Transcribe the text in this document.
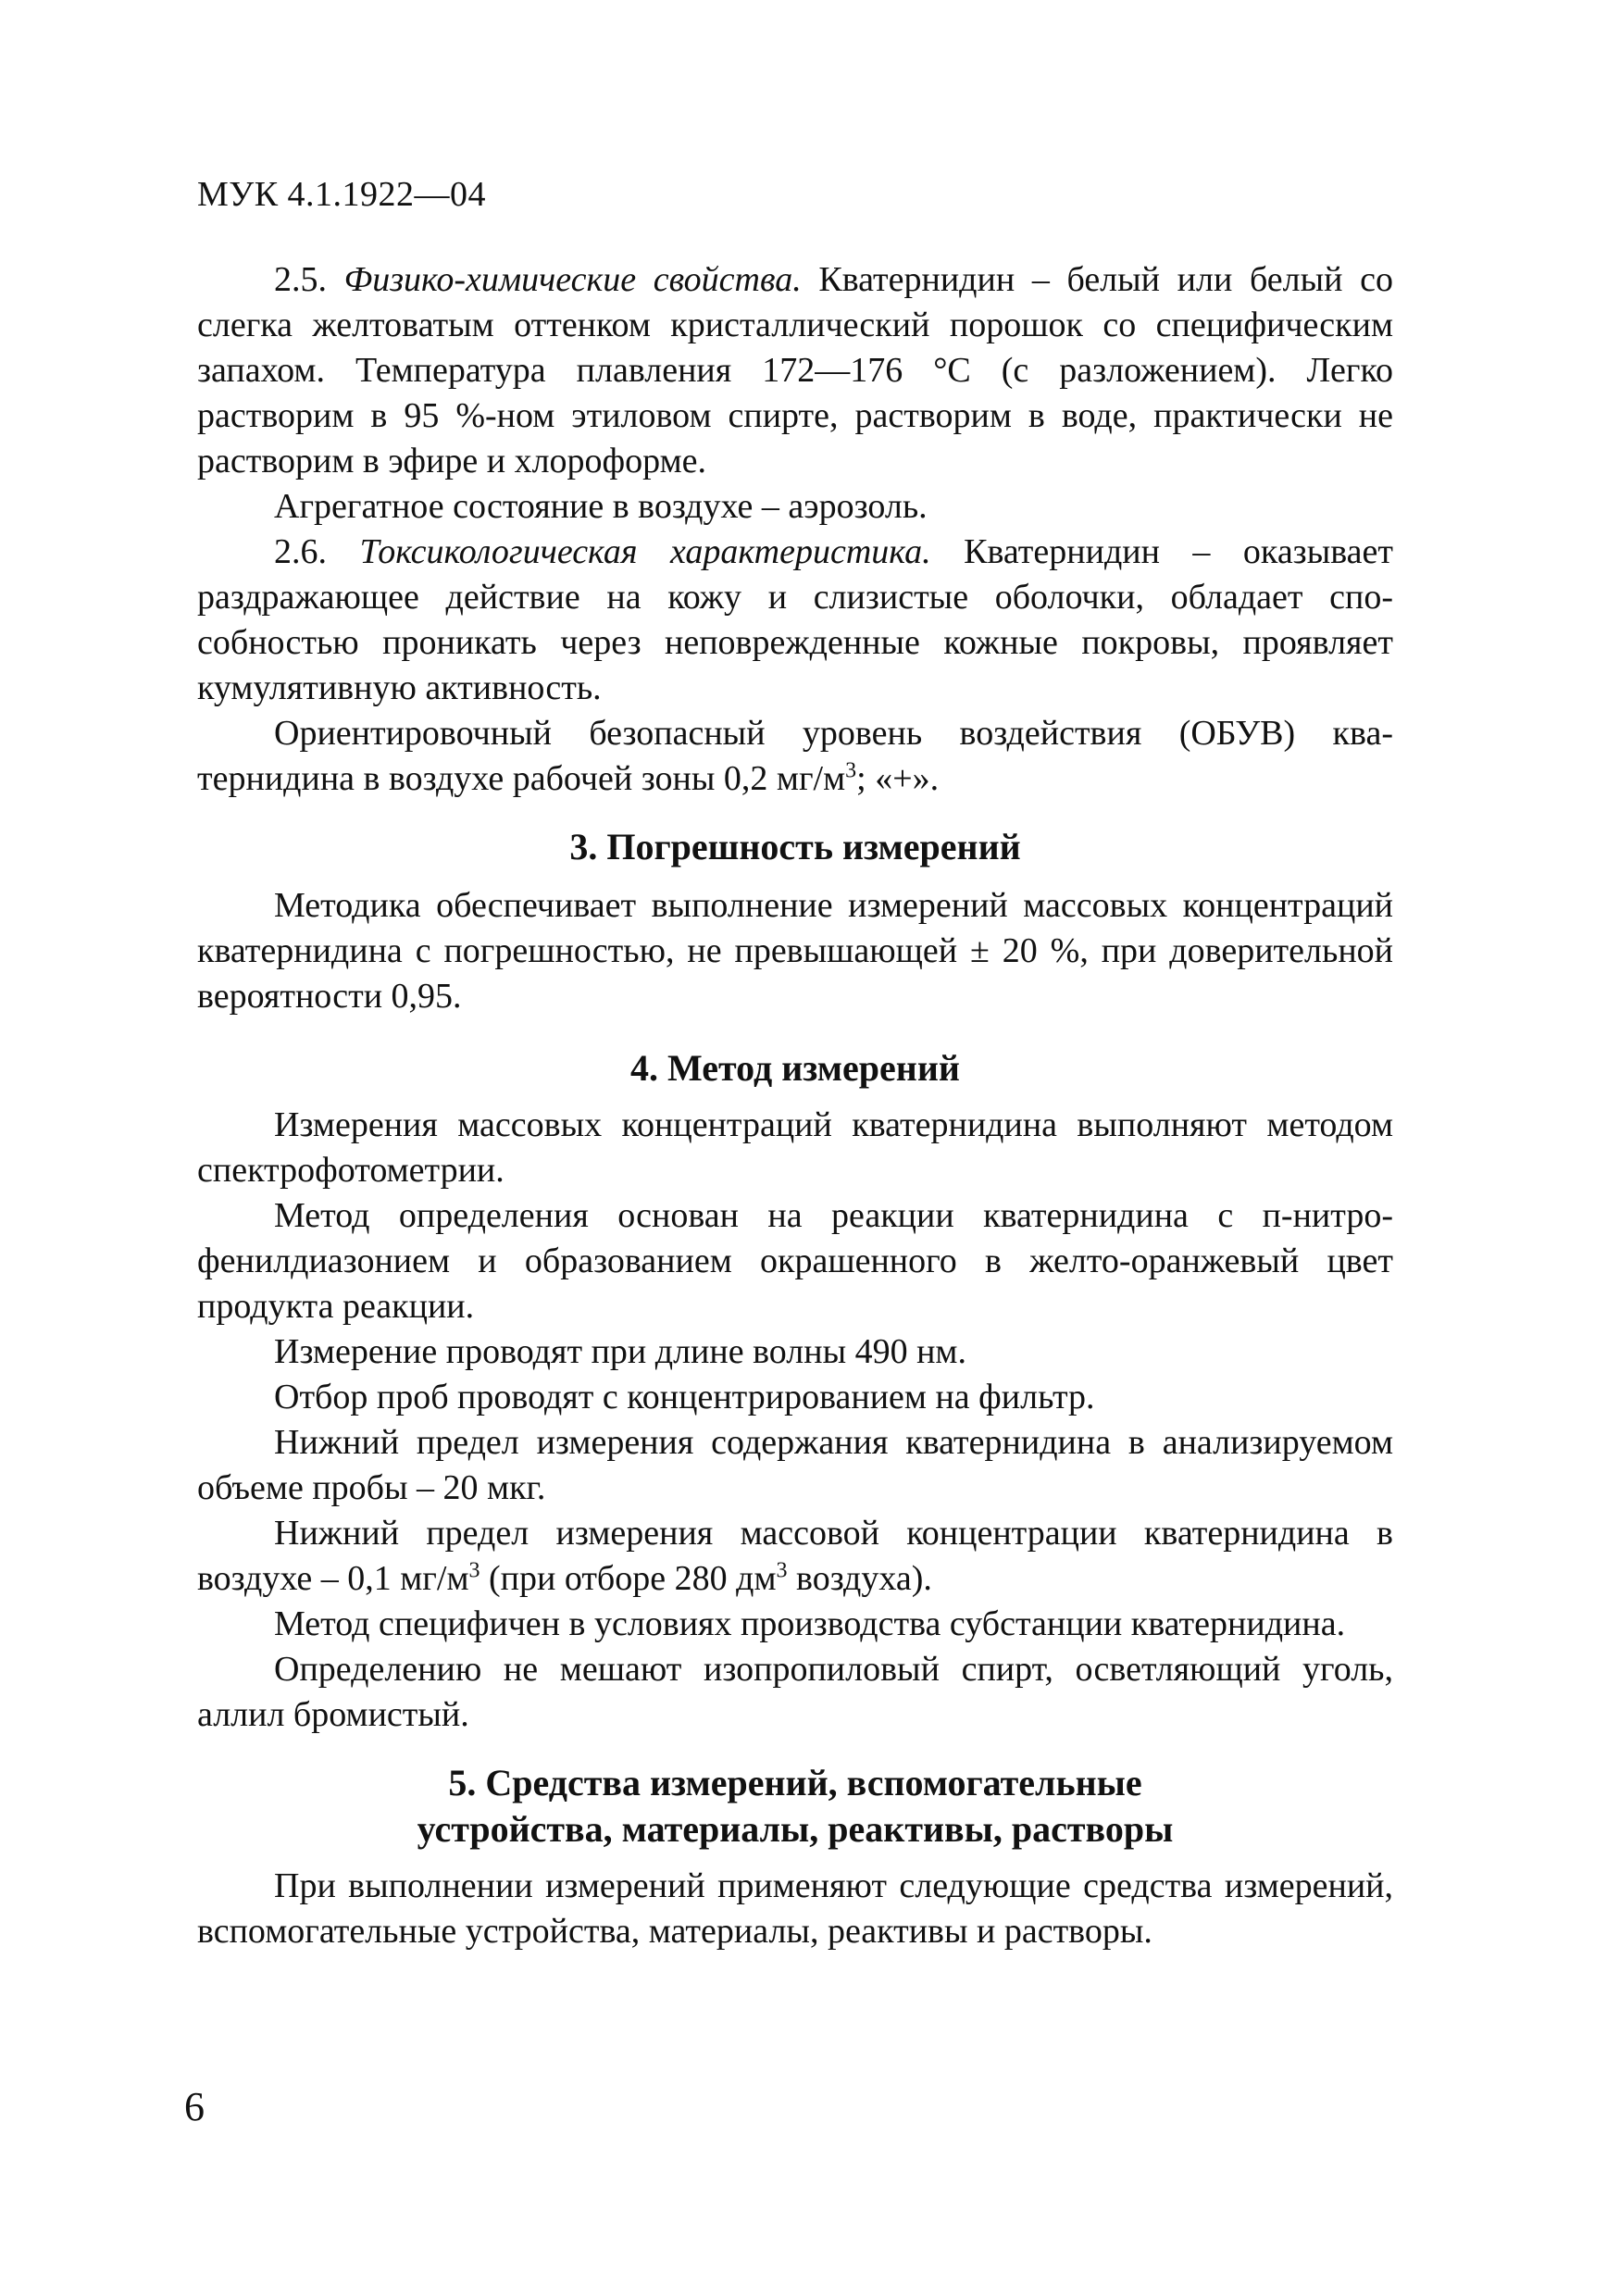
МУК 4.1.1922—04

2.5. Физико-химические свойства. Кватернидин – белый или белый со слегка желтоватым оттенком кристаллический порошок со специфическим запахом. Температура плавления 172—176 °С (с разложением). Легко растворим в 95 %-ном этиловом спирте, растворим в воде, практически не растворим в эфире и хлороформе.

Агрегатное состояние в воздухе – аэрозоль.

2.6. Токсикологическая характеристика. Кватернидин – оказывает раздражающее действие на кожу и слизистые оболочки, обладает способностью проникать через неповрежденные кожные покровы, проявляет кумулятивную активность.

Ориентировочный безопасный уровень воздействия (ОБУВ) кватернидина в воздухе рабочей зоны 0,2 $мг/м^3$; «+».

3. Погрешность измерений

Методика обеспечивает выполнение измерений массовых концентраций кватернидина с погрешностью, не превышающей ± 20 %, при доверительной вероятности 0,95.

4. Метод измерений

Измерения массовых концентраций кватернидина выполняют методом спектрофотометрии.

Метод определения основан на реакции кватернидина с п-нитрофенилдиазонием и образованием окрашенного в желто-оранжевый цвет продукта реакции.

Измерение проводят при длине волны 490 нм.

Отбор проб проводят с концентрированием на фильтр.

Нижний предел измерения содержания кватернидина в анализируемом объеме пробы – 20 мкг.

Нижний предел измерения массовой концентрации кватернидина в воздухе – 0,1 $мг/м^3$ (при отборе 280 $дм^3$ воздуха).

Метод специфичен в условиях производства субстанции кватернидина.

Определению не мешают изопропиловый спирт, осветляющий уголь, аллил бромистый.

5. Средства измерений, вспомогательные
устройства, материалы, реактивы, растворы

При выполнении измерений применяют следующие средства измерений, вспомогательные устройства, материалы, реактивы и растворы.

6
